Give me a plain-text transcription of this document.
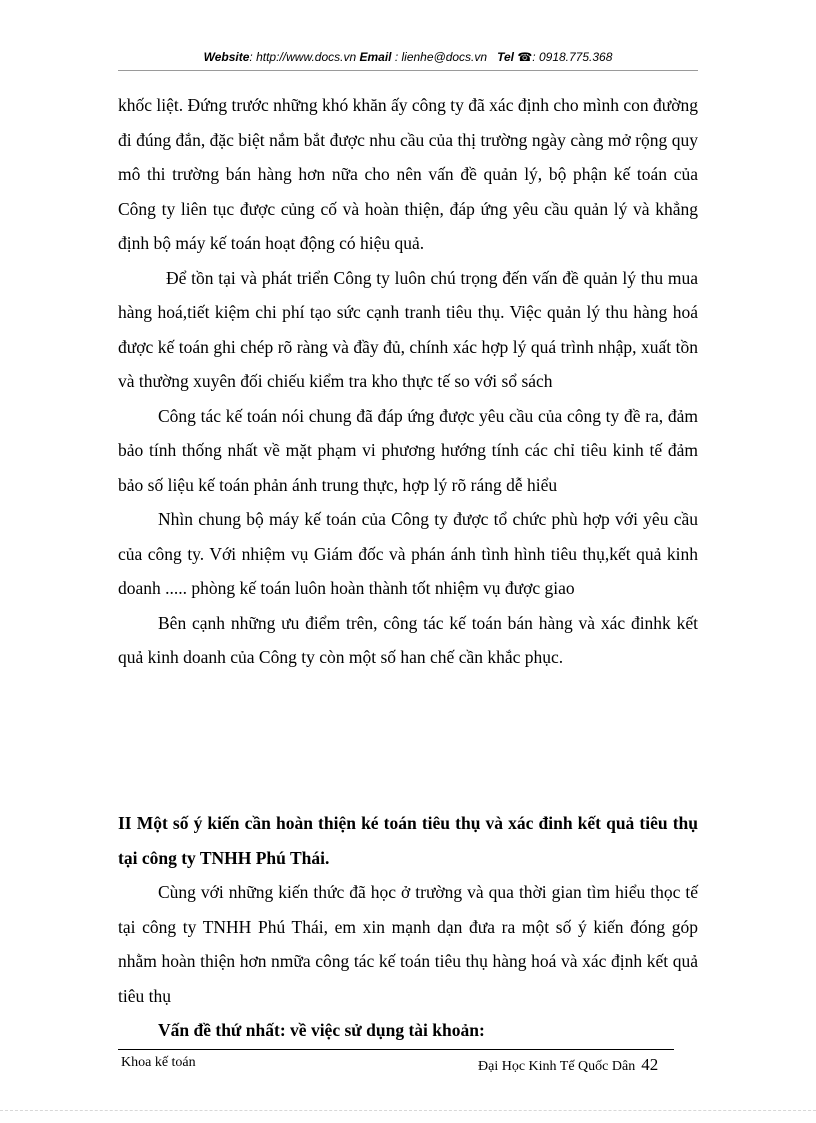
Website: http://www.docs.vn Email : lienhe@docs.vn Tel ☎: 0918.775.368

khốc liệt. Đứng trước những khó khăn ấy công ty đã xác định cho mình con đường đi đúng đắn, đặc biệt nắm bắt được nhu cầu của thị trường ngày càng mở rộng quy mô thi trường bán hàng hơn nữa cho nên vấn đề quản lý, bộ phận kế toán của Công ty liên tục được củng cố và hoàn thiện, đáp ứng yêu cầu quản lý và khẳng định bộ máy kế toán hoạt động có hiệu quả.

Để tồn tại và phát triển Công ty luôn chú trọng đến vấn đề quản lý thu mua hàng hoá,tiết kiệm chi phí tạo sức cạnh tranh tiêu thụ. Việc quản lý thu hàng hoá được kế toán ghi chép rõ ràng và đầy đủ, chính xác hợp lý quá trình nhập, xuất tồn và thường xuyên đối chiếu kiểm tra kho thực tế so với sổ sách

Công tác kế toán nói chung đã đáp ứng được yêu cầu của công ty đề ra, đảm bảo tính thống nhất về mặt phạm vi phương hướng tính các chỉ tiêu kinh tế đảm bảo số liệu kế toán phản ánh trung thực, hợp lý rõ ráng dễ hiểu

Nhìn chung bộ máy kế toán của Công ty được tổ chức phù hợp với yêu cầu của công ty. Với nhiệm vụ Giám đốc và phán ánh tình hình tiêu thụ,kết quả kinh doanh ..... phòng kế toán luôn hoàn thành tốt nhiệm vụ được giao

Bên cạnh những ưu điểm trên, công tác kế toán bán hàng và xác đinhk kết quả kinh doanh của Công ty còn một số han chế cần khắc phục.

II Một số ý kiến cần hoàn thiện ké toán tiêu thụ và xác đinh kết quả tiêu thụ tại công ty TNHH Phú Thái.

Cùng với những kiến thức đã học ở trường và qua thời gian tìm hiểu thọc tế tại công ty TNHH Phú Thái, em xin mạnh dạn đưa ra một số ý kiến đóng góp nhằm hoàn thiện hơn nmữa công tác kế toán tiêu thụ hàng hoá và xác định kết quả tiêu thụ

Vấn đề thứ nhất: về việc sử dụng tài khoản:

Khoa kế toán	Đại Học Kinh Tế Quốc Dân 42
